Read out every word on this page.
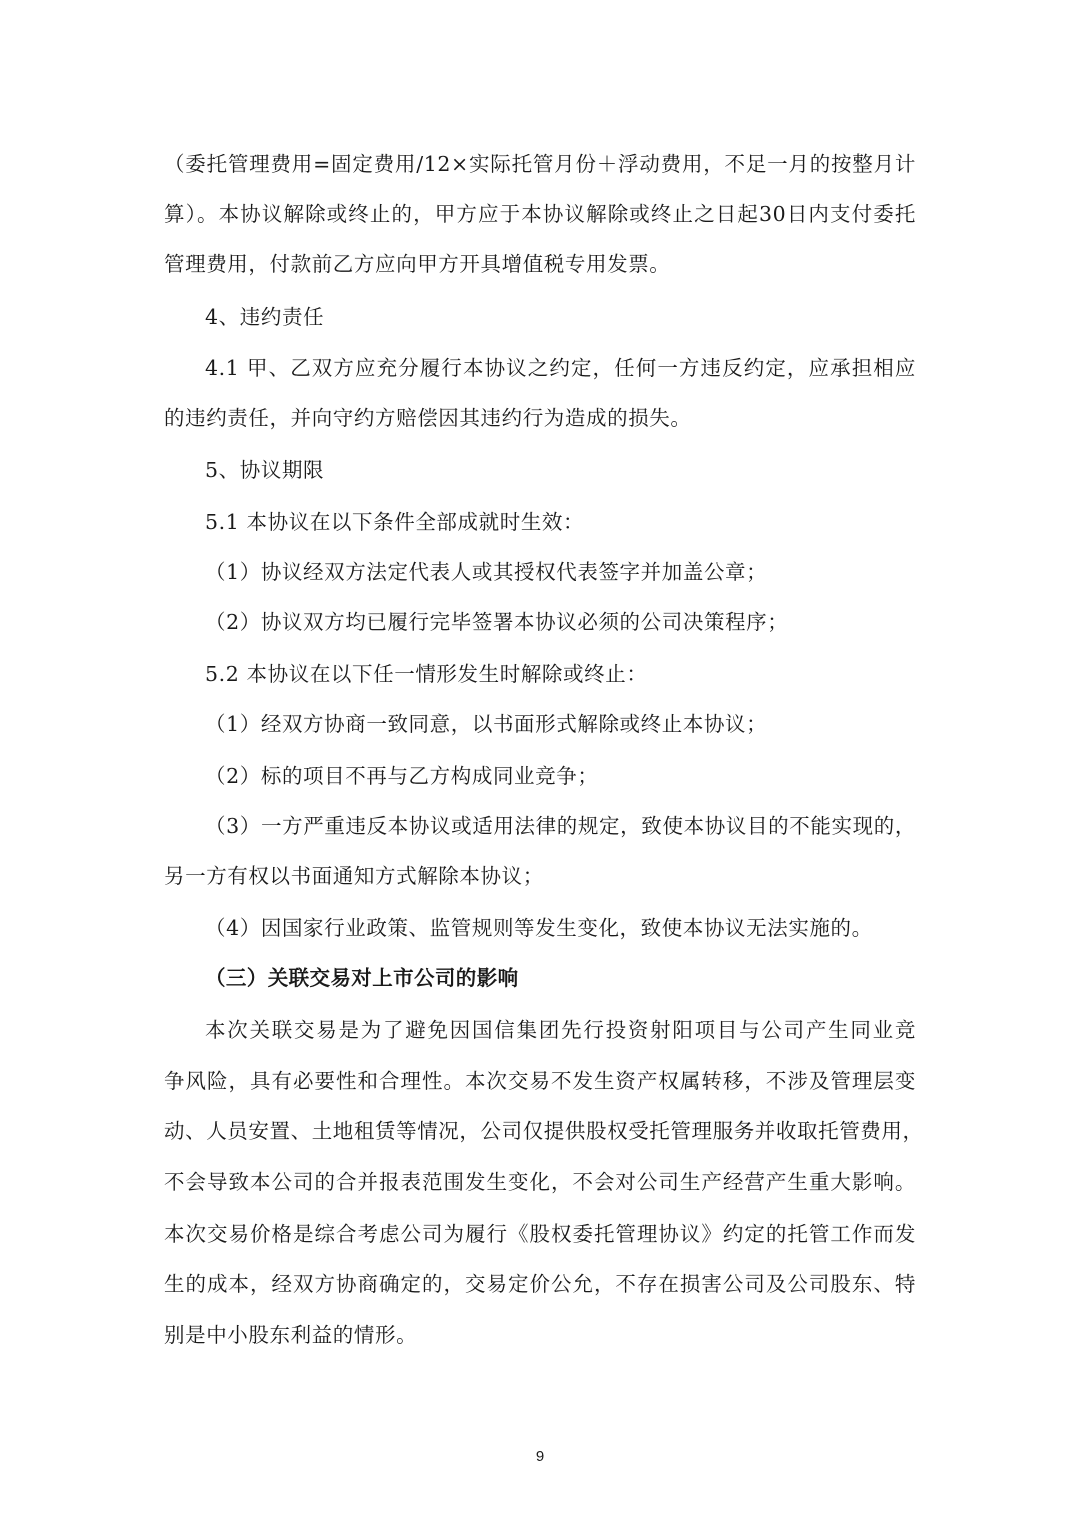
（委托管理费用=固定费用/12×实际托管月份＋浮动费用，不足一月的按整月计
算）。本协议解除或终止的，甲方应于本协议解除或终止之日起30日内支付委托
管理费用，付款前乙方应向甲方开具增值税专用发票。
4、违约责任
4.1 甲、乙双方应充分履行本协议之约定，任何一方违反约定，应承担相应
的违约责任，并向守约方赔偿因其违约行为造成的损失。
5、协议期限
5.1 本协议在以下条件全部成就时生效：
（1）协议经双方法定代表人或其授权代表签字并加盖公章；
（2）协议双方均已履行完毕签署本协议必须的公司决策程序；
5.2 本协议在以下任一情形发生时解除或终止：
（1）经双方协商一致同意，以书面形式解除或终止本协议；
（2）标的项目不再与乙方构成同业竞争；
（3）一方严重违反本协议或适用法律的规定，致使本协议目的不能实现的，
另一方有权以书面通知方式解除本协议；
（4）因国家行业政策、监管规则等发生变化，致使本协议无法实施的。
（三）关联交易对上市公司的影响
本次关联交易是为了避免因国信集团先行投资射阳项目与公司产生同业竞
争风险，具有必要性和合理性。本次交易不发生资产权属转移，不涉及管理层变
动、人员安置、土地租赁等情况，公司仅提供股权受托管理服务并收取托管费用，
不会导致本公司的合并报表范围发生变化，不会对公司生产经营产生重大影响。
本次交易价格是综合考虑公司为履行《股权委托管理协议》约定的托管工作而发
生的成本，经双方协商确定的，交易定价公允，不存在损害公司及公司股东、特
别是中小股东利益的情形。
9
